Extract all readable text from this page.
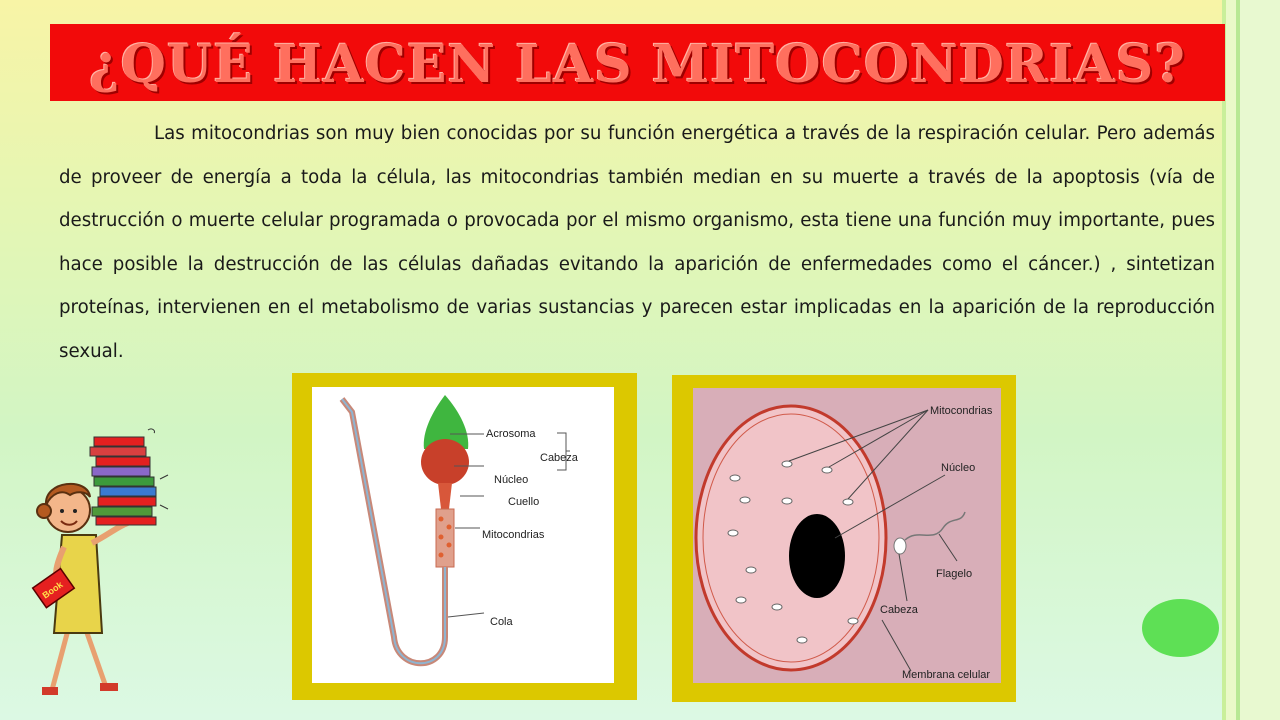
¿QUÉ HACEN LAS MITOCONDRIAS?

Las mitocondrias son muy bien conocidas por su función energética a través de la respiración celular. Pero además de proveer de energía a toda la célula, las mitocondrias también median en su muerte a través de la apoptosis (vía de destrucción o muerte celular programada o provocada por el mismo organismo, esta tiene una función muy importante, pues hace posible la destrucción de las células dañadas evitando la aparición de enfermedades como el cáncer.) , sintetizan proteínas, intervienen en el metabolismo de varias sustancias y parecen estar implicadas en la aparición de la reproducción sexual.

Acrosoma
Cabeza
Núcleo
Cuello
Mitocondrias
Cola
Mitocondrias
Núcleo
Flagelo
Cabeza
Membrana celular
Book
